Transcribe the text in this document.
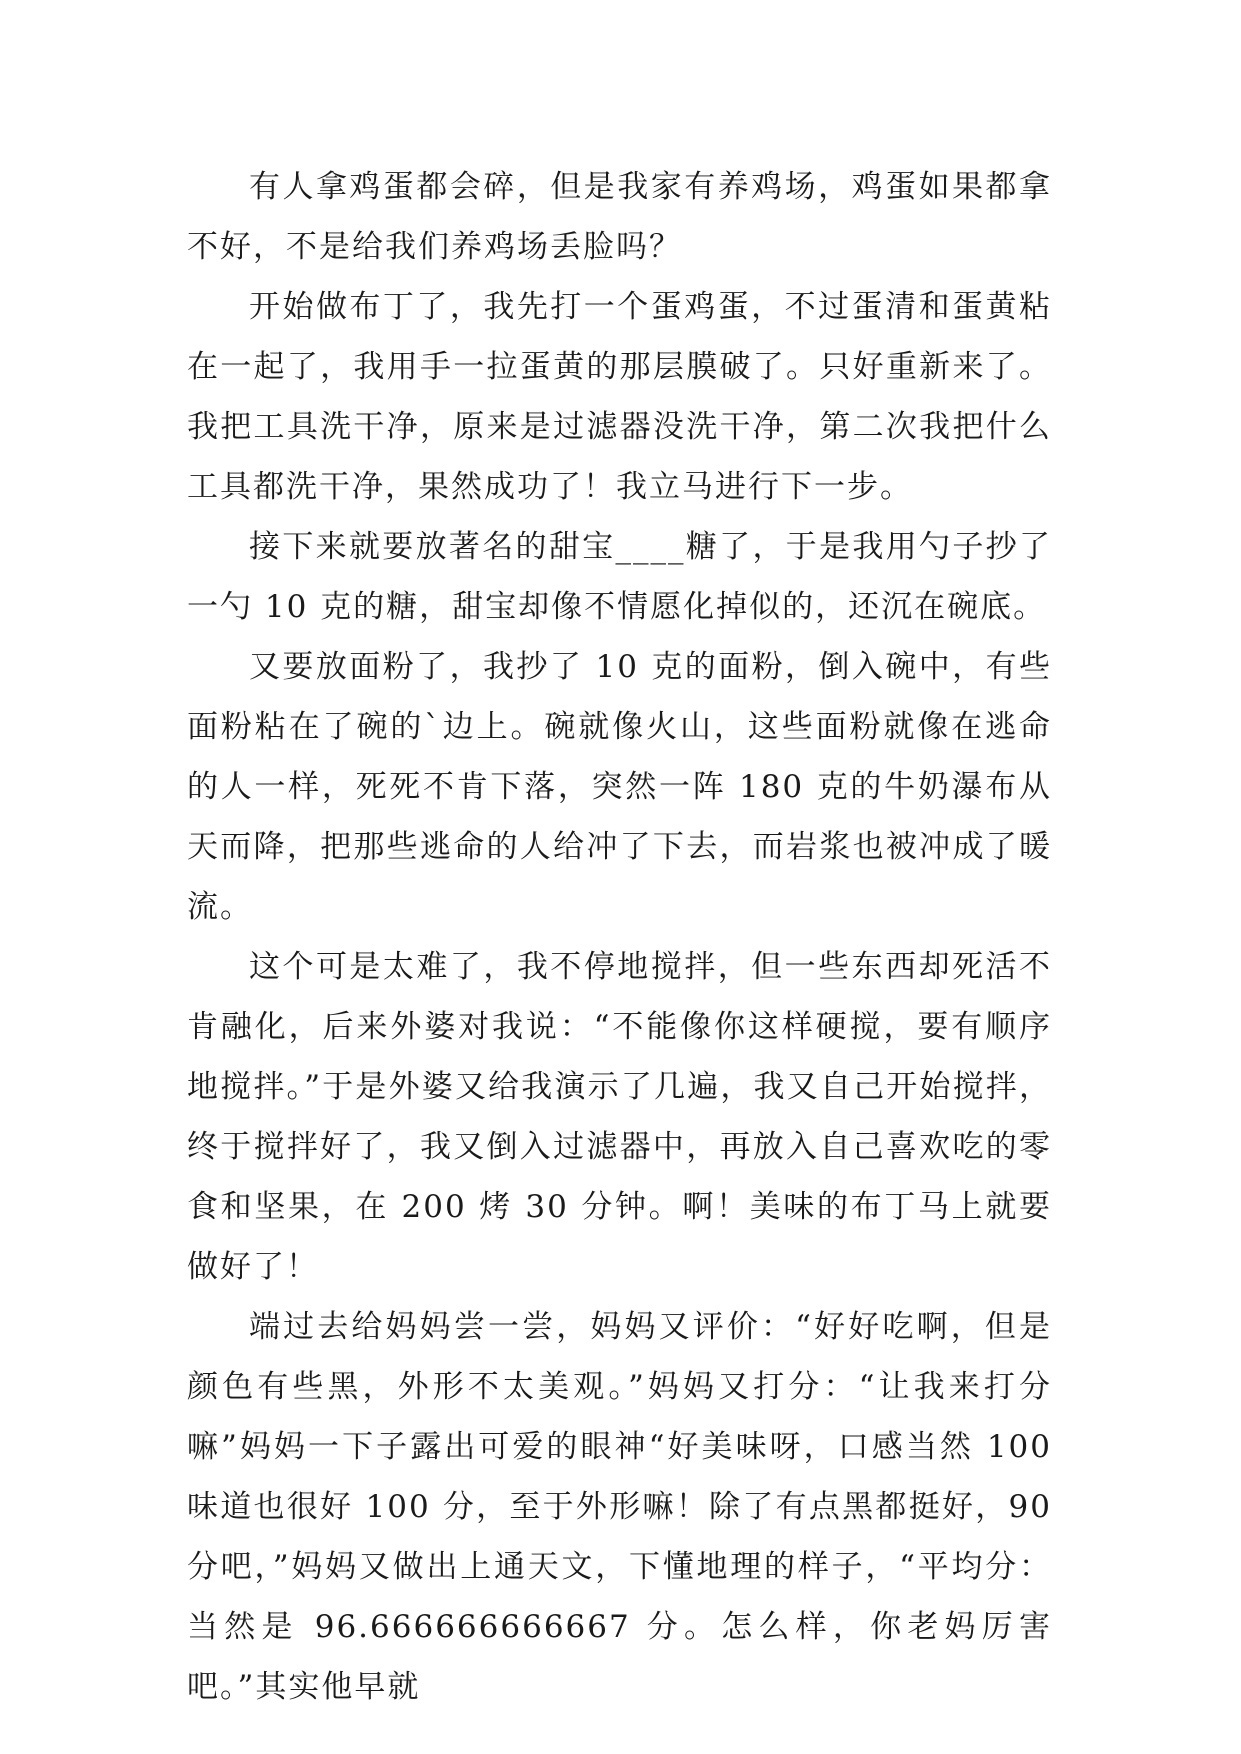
有人拿鸡蛋都会碎，但是我家有养鸡场，鸡蛋如果都拿不好，不是给我们养鸡场丢脸吗？

开始做布丁了，我先打一个蛋鸡蛋，不过蛋清和蛋黄粘在一起了，我用手一拉蛋黄的那层膜破了。只好重新来了。我把工具洗干净，原来是过滤器没洗干净，第二次我把什么工具都洗干净，果然成功了！我立马进行下一步。

接下来就要放著名的甜宝____糖了，于是我用勺子抄了一勺 10 克的糖，甜宝却像不情愿化掉似的，还沉在碗底。

又要放面粉了，我抄了 10 克的面粉，倒入碗中，有些面粉粘在了碗的`边上。碗就像火山，这些面粉就像在逃命的人一样，死死不肯下落，突然一阵 180 克的牛奶瀑布从天而降，把那些逃命的人给冲了下去，而岩浆也被冲成了暖流。

这个可是太难了，我不停地搅拌，但一些东西却死活不肯融化，后来外婆对我说：“不能像你这样硬搅，要有顺序地搅拌。”于是外婆又给我演示了几遍，我又自己开始搅拌，终于搅拌好了，我又倒入过滤器中，再放入自己喜欢吃的零食和坚果，在 200 烤 30 分钟。啊！美味的布丁马上就要做好了！

端过去给妈妈尝一尝，妈妈又评价：“好好吃啊，但是颜色有些黑，外形不太美观。”妈妈又打分：“让我来打分嘛”妈妈一下子露出可爱的眼神“好美味呀，口感当然 100 味道也很好 100 分，至于外形嘛！除了有点黑都挺好，90 分吧，”妈妈又做出上通天文，下懂地理的样子，“平均分：当然是 96.666666666667 分。怎么样，你老妈厉害吧。”其实他早就
